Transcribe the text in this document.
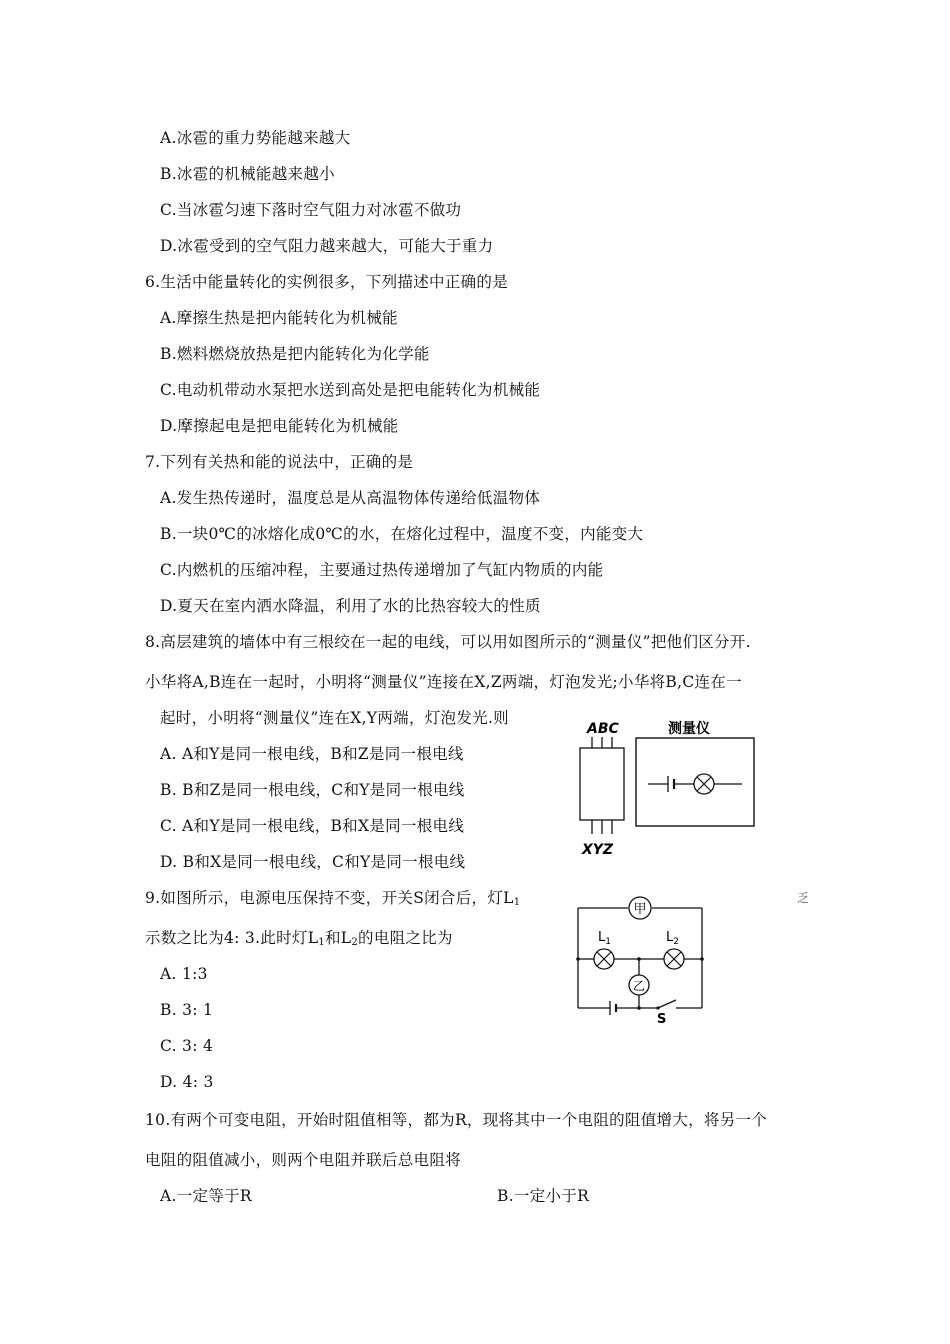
A.冰雹的重力势能越来越大
B.冰雹的机械能越来越小
C.当冰雹匀速下落时空气阻力对冰雹不做功
D.冰雹受到的空气阻力越来越大，可能大于重力
6.生活中能量转化的实例很多，下列描述中正确的是
A.摩擦生热是把内能转化为机械能
B.燃料燃烧放热是把内能转化为化学能
C.电动机带动水泵把水送到高处是把电能转化为机械能
D.摩擦起电是把电能转化为机械能
7.下列有关热和能的说法中，正确的是
A.发生热传递时，温度总是从高温物体传递给低温物体
B.一块0℃的冰熔化成0℃的水，在熔化过程中，温度不变，内能变大
C.内燃机的压缩冲程，主要通过热传递增加了气缸内物质的内能
D.夏天在室内洒水降温，利用了水的比热容较大的性质
8.高层建筑的墙体中有三根绞在一起的电线，可以用如图所示的“测量仪”把他们区分开.
小华将A,B连在一起时，小明将“测量仪”连接在X,Z两端，灯泡发光;小华将B,C连在一
起时，小明将“测量仪”连在X,Y两端，灯泡发光.则
A. A和Y是同一根电线，B和Z是同一根电线
B. B和Z是同一根电线，C和Y是同一根电线
C. A和Y是同一根电线，B和X是同一根电线
D. B和X是同一根电线，C和Y是同一根电线
ABC
XYZ
测量仪
9.如图所示，电源电压保持不变，开关S闭合后，灯$L_1$	乏
示数之比为4: 3.此时灯$L_1$和$L_2$的电阻之比为
A. 1:3
B. 3: 1
C. 3: 4
D. 4: 3
甲
$L_1$	$L_2$
乙
S
10.有两个可变电阻，开始时阻值相等，都为R，现将其中一个电阻的阻值增大，将另一个
电阻的阻值减小，则两个电阻并联后总电阻将
A.一定等于R	B.一定小于R
